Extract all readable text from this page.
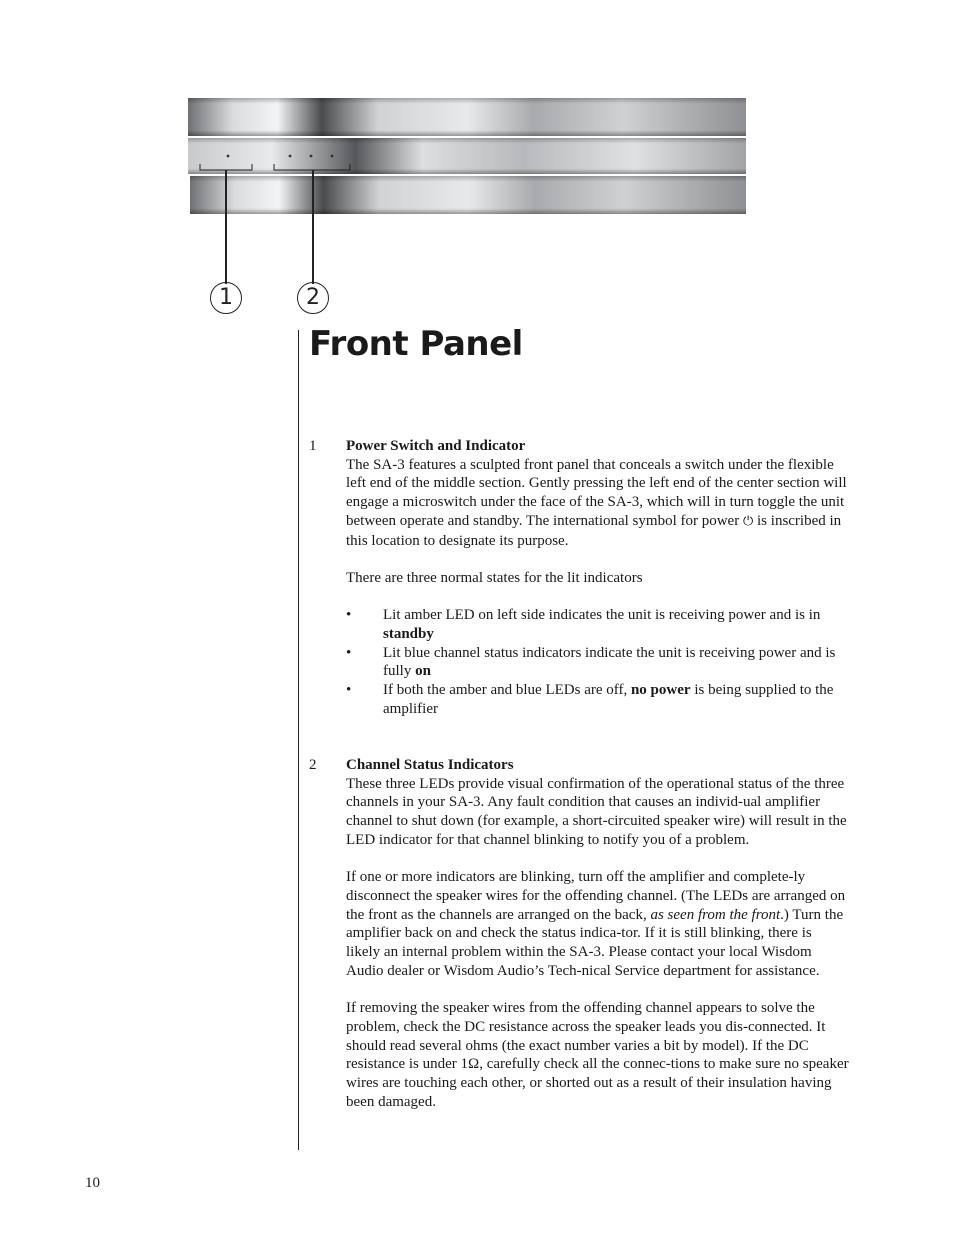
1	2
Front Panel
1 Power Switch and Indicator

The SA-3 features a sculpted front panel that conceals a switch under the flexible left end of the middle section. Gently pressing the left end of the center section will engage a microswitch under the face of the SA-3, which will in turn toggle the unit between operate and standby. The international symbol for power ⏻ is inscribed in this location to designate its purpose.

There are three normal states for the lit indicators

• Lit amber LED on left side indicates the unit is receiving power and is in standby
• Lit blue channel status indicators indicate the unit is receiving power and is fully on
• If both the amber and blue LEDs are off, no power is being supplied to the amplifier
2 Channel Status Indicators

These three LEDs provide visual confirmation of the operational status of the three channels in your SA-3. Any fault condition that causes an individ-ual amplifier channel to shut down (for example, a short-circuited speaker wire) will result in the LED indicator for that channel blinking to notify you of a problem.

If one or more indicators are blinking, turn off the amplifier and complete-ly disconnect the speaker wires for the offending channel. (The LEDs are arranged on the front as the channels are arranged on the back, as seen from the front.) Turn the amplifier back on and check the status indica-tor. If it is still blinking, there is likely an internal problem within the SA-3. Please contact your local Wisdom Audio dealer or Wisdom Audio’s Tech-nical Service department for assistance.

If removing the speaker wires from the offending channel appears to solve the problem, check the DC resistance across the speaker leads you dis-connected. It should read several ohms (the exact number varies a bit by model). If the DC resistance is under 1Ω, carefully check all the connec-tions to make sure no speaker wires are touching each other, or shorted out as a result of their insulation having been damaged.

10
